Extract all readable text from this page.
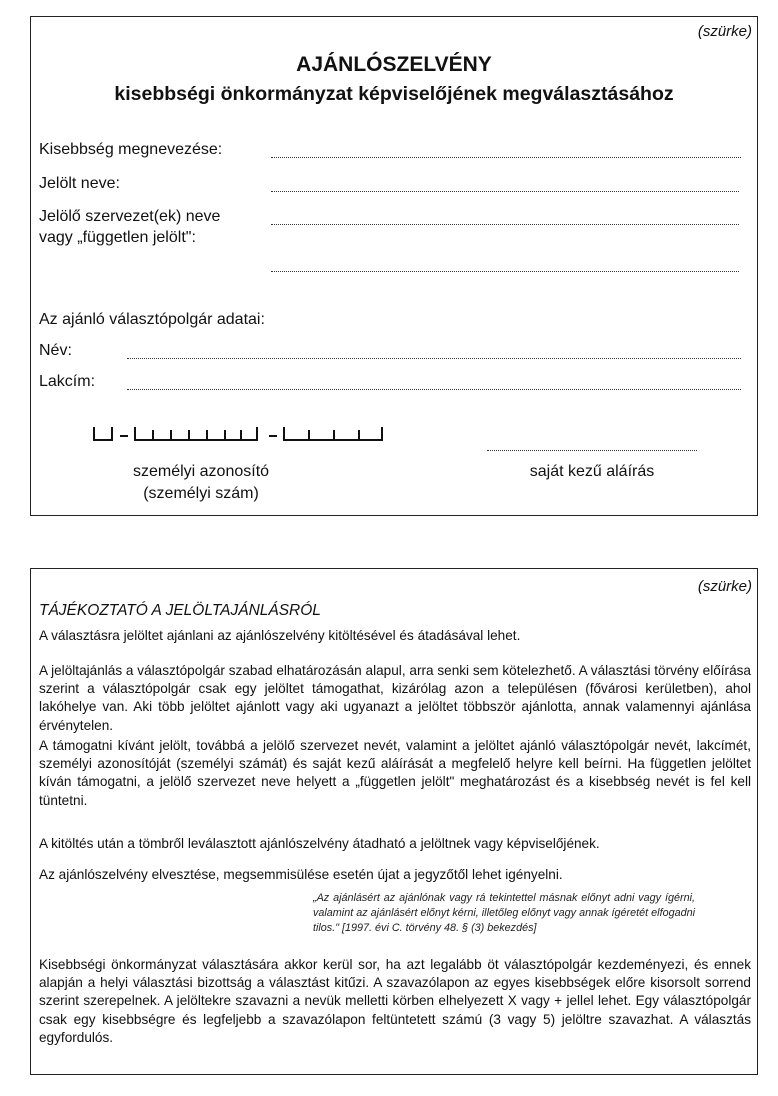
(szürke)
AJÁNLÓSZELVÉNY
kisebbségi önkormányzat képviselőjének megválasztásához
Kisebbség megnevezése:
Jelölt neve:
Jelölő szervezet(ek) neve
vagy „független jelölt":
Az ajánló választópolgár adatai:
Név:
Lakcím:
személyi azonosító
(személyi szám)
saját kezű aláírás
(szürke)
TÁJÉKOZTATÓ A JELÖLTAJÁNLÁSRÓL

A választásra jelöltet ajánlani az ajánlószelvény kitöltésével és átadásával lehet.

A jelöltajánlás a választópolgár szabad elhatározásán alapul, arra senki sem kötelezhető. A választási törvény előírása szerint a választópolgár csak egy jelöltet támogathat, kizárólag azon a településen (fővárosi kerületben), ahol lakóhelye van. Aki több jelöltet ajánlott vagy aki ugyanazt a jelöltet többször ajánlotta, annak valamennyi ajánlása érvénytelen.

A támogatni kívánt jelölt, továbbá a jelölő szervezet nevét, valamint a jelöltet ajánló választópolgár nevét, lakcímét, személyi azonosítóját (személyi számát) és saját kezű aláírását a megfelelő helyre kell beírni. Ha független jelöltet kíván támogatni, a jelölő szervezet neve helyett a „független jelölt" meghatározást és a kisebbség nevét is fel kell tüntetni.

A kitöltés után a tömbről leválasztott ajánlószelvény átadható a jelöltnek vagy képviselőjének.

Az ajánlószelvény elvesztése, megsemmisülése esetén újat a jegyzőtől lehet igényelni.

„Az ajánlásért az ajánlónak vagy rá tekintettel másnak előnyt adni vagy ígérni, valamint az ajánlásért előnyt kérni, illetőleg előnyt vagy annak ígéretét elfogadni tilos." [1997. évi C. törvény 48. § (3) bekezdés]

Kisebbségi önkormányzat választására akkor kerül sor, ha azt legalább öt választópolgár kezdeményezi, és ennek alapján a helyi választási bizottság a választást kitűzi. A szavazólapon az egyes kisebbségek előre kisorsolt sorrend szerint szerepelnek. A jelöltekre szavazni a nevük melletti körben elhelyezett X vagy + jellel lehet. Egy választópolgár csak egy kisebbségre és legfeljebb a szavazólapon feltüntetett számú (3 vagy 5) jelöltre szavazhat. A választás egyfordulós.
